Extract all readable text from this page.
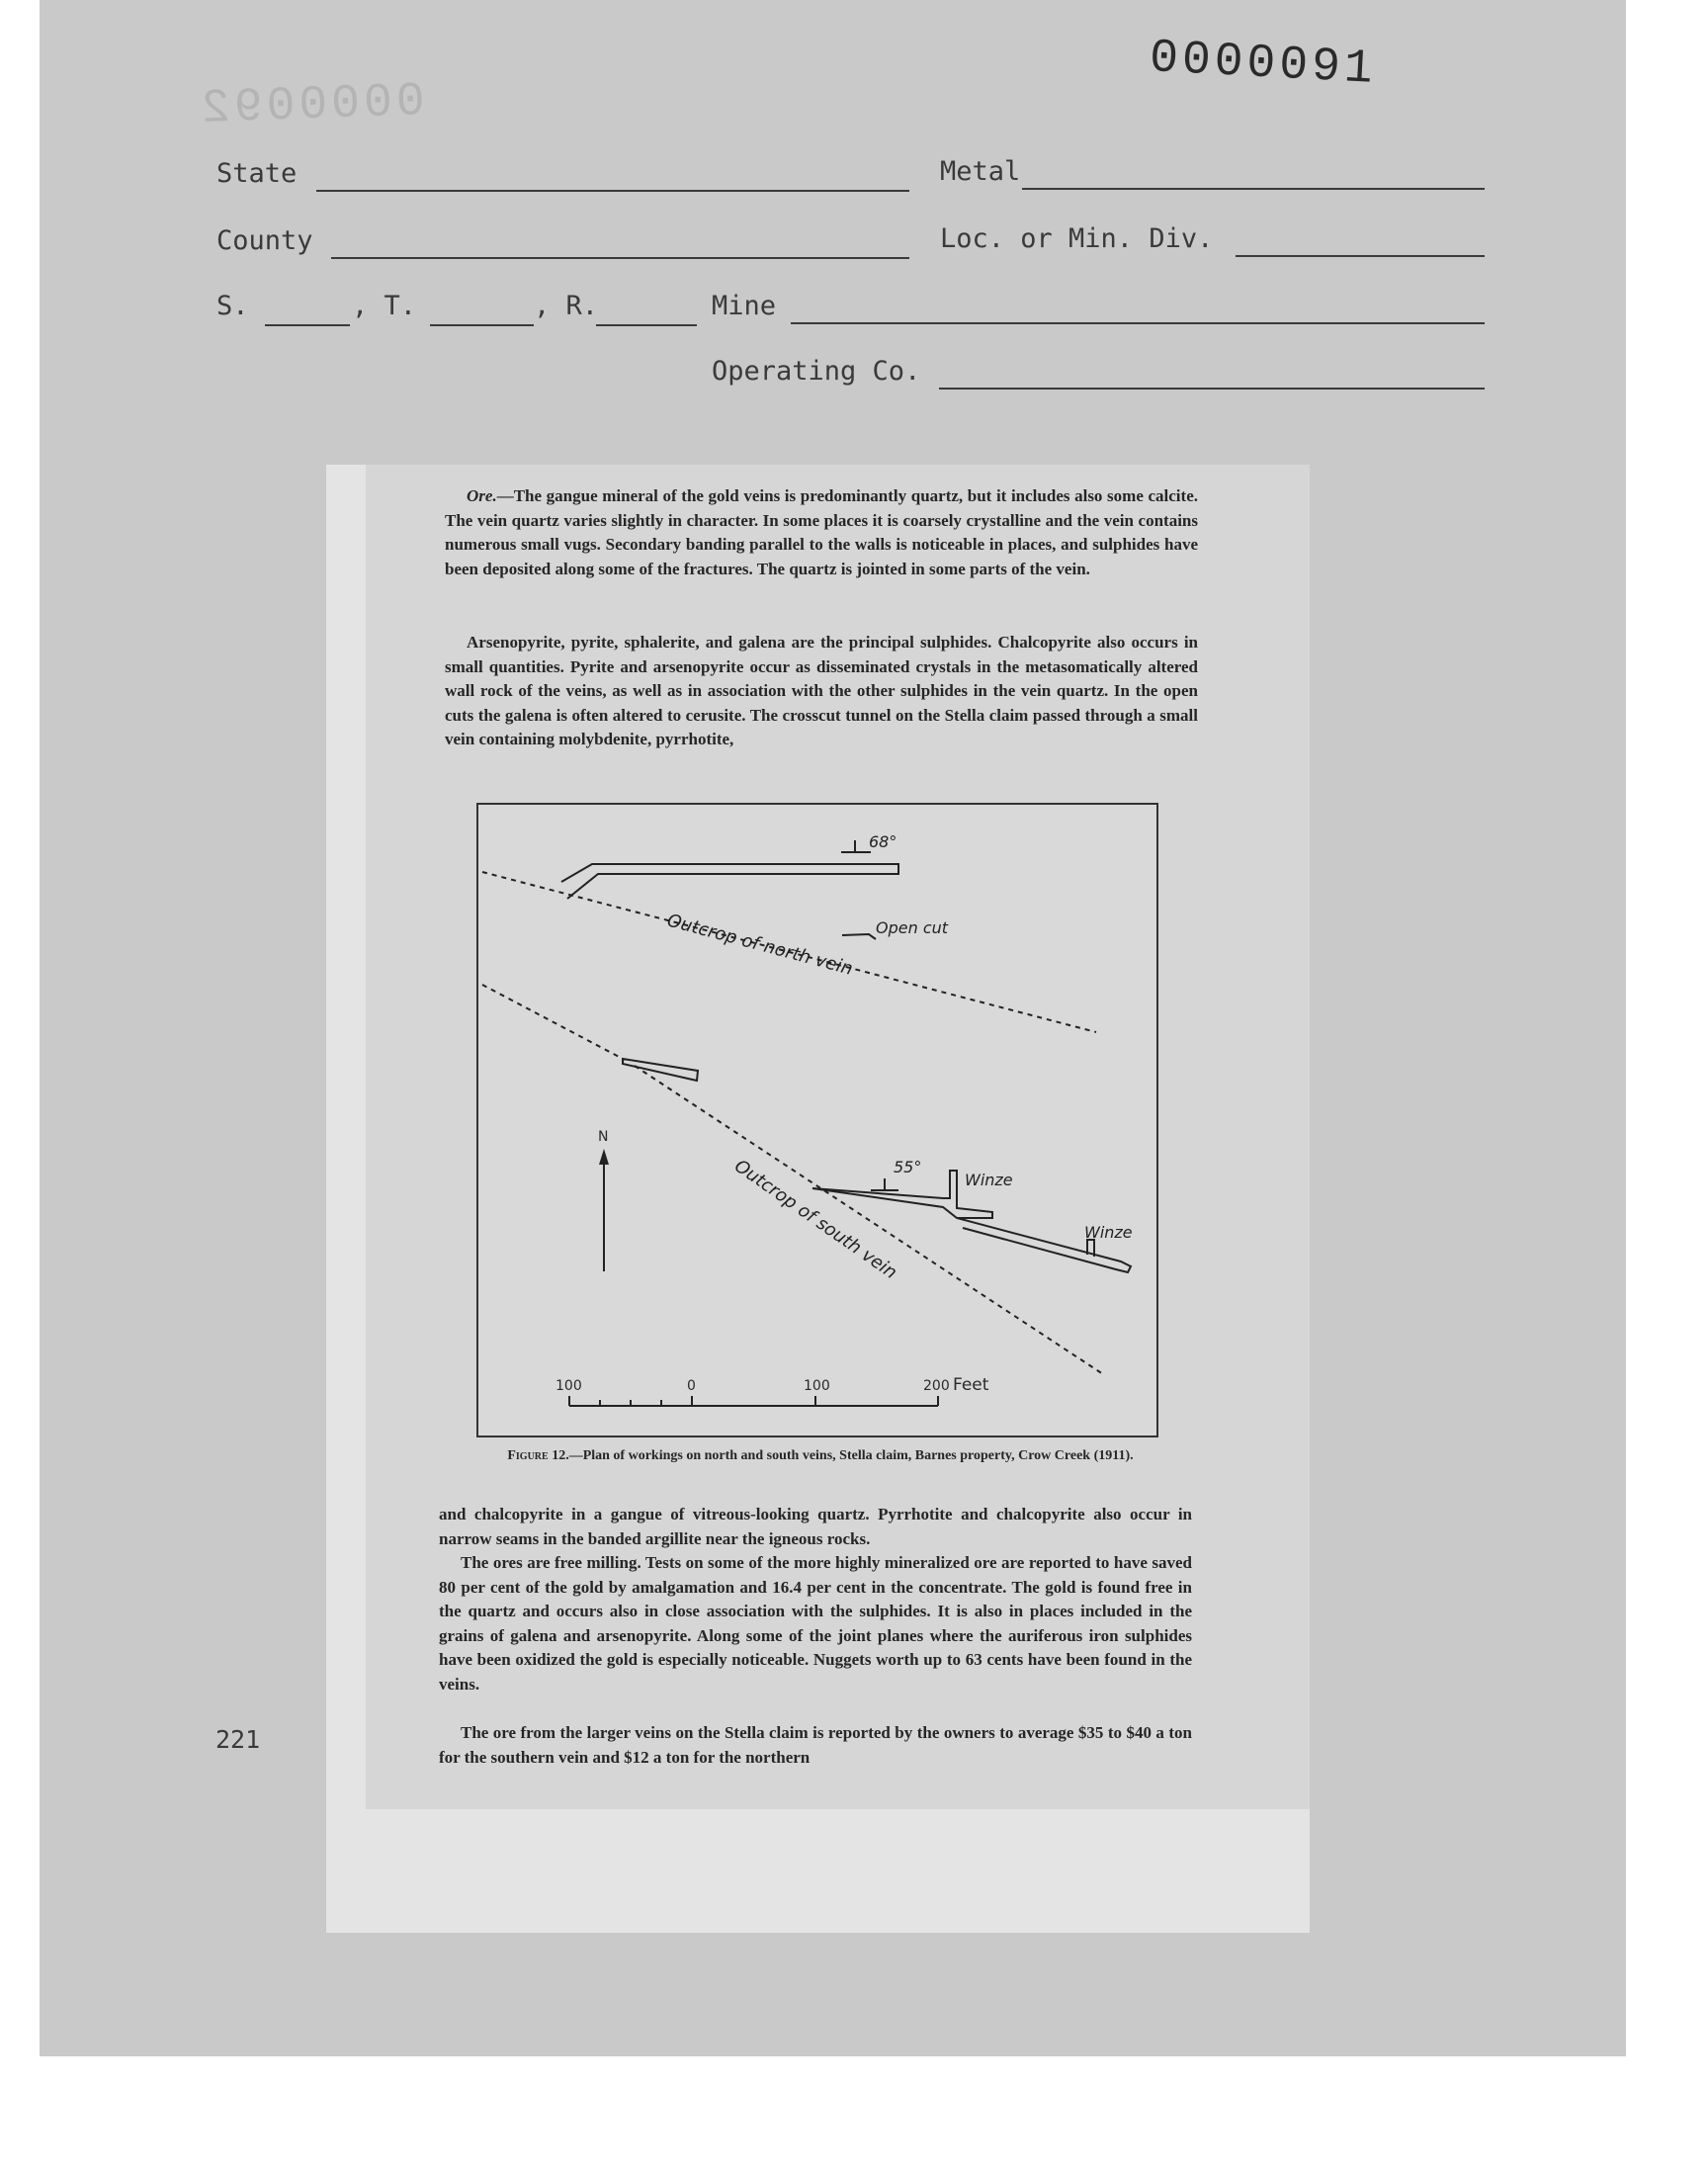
0000091
0000092
State	Metal
County	Loc. or Min. Div.
S.	, T.	, R.	Mine
Operating Co.

Ore.—The gangue mineral of the gold veins is predominantly quartz, but it includes also some calcite. The vein quartz varies slightly in character. In some places it is coarsely crystalline and the vein contains numerous small vugs. Secondary banding parallel to the walls is noticeable in places, and sulphides have been deposited along some of the fractures. The quartz is jointed in some parts of the vein.

Arsenopyrite, pyrite, sphalerite, and galena are the principal sulphides. Chalcopyrite also occurs in small quantities. Pyrite and arsenopyrite occur as disseminated crystals in the metasomatically altered wall rock of the veins, as well as in association with the other sulphides in the vein quartz. In the open cuts the galena is often altered to cerusite. The crosscut tunnel on the Stella claim passed through a small vein containing molybdenite, pyrrhotite,

68°
Open cut
Outcrop of north vein
55°
Winze
Winze
Outcrop of south vein
N
100	0	100	200 Feet
Figure 12.—Plan of workings on north and south veins, Stella claim, Barnes property, Crow Creek (1911).

and chalcopyrite in a gangue of vitreous-looking quartz. Pyrrhotite and chalcopyrite also occur in narrow seams in the banded argillite near the igneous rocks.

The ores are free milling. Tests on some of the more highly mineralized ore are reported to have saved 80 per cent of the gold by amalgamation and 16.4 per cent in the concentrate. The gold is found free in the quartz and occurs also in close association with the sulphides. It is also in places included in the grains of galena and arsenopyrite. Along some of the joint planes where the auriferous iron sulphides have been oxidized the gold is especially noticeable. Nuggets worth up to 63 cents have been found in the veins.

The ore from the larger veins on the Stella claim is reported by the owners to average $35 to $40 a ton for the southern vein and $12 a ton for the northern

221
